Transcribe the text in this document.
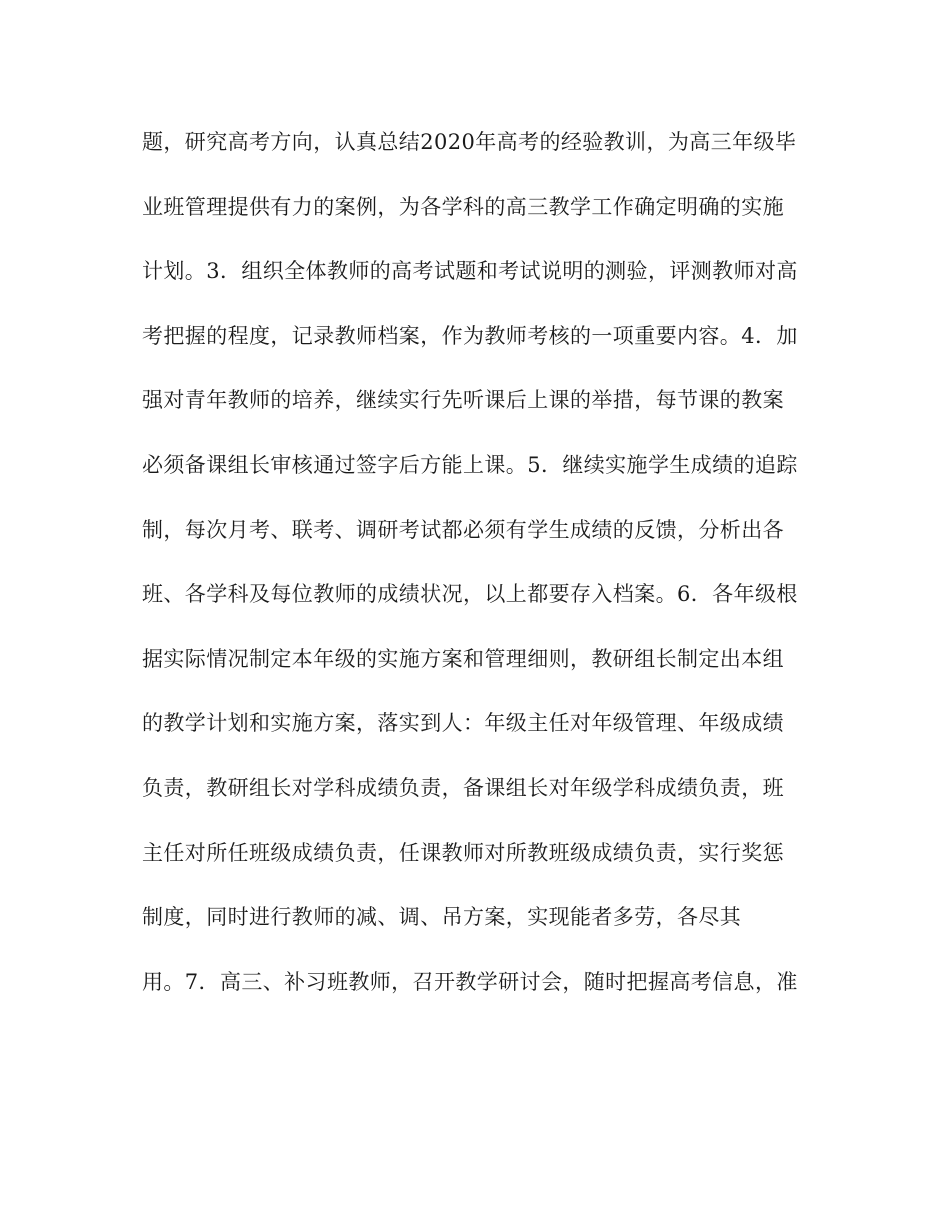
题，研究高考方向，认真总结2020年高考的经验教训，为高三年级毕
业班管理提供有力的案例，为各学科的高三教学工作确定明确的实施
计划。3．组织全体教师的高考试题和考试说明的测验，评测教师对高
考把握的程度，记录教师档案，作为教师考核的一项重要内容。4．加
强对青年教师的培养，继续实行先听课后上课的举措，每节课的教案
必须备课组长审核通过签字后方能上课。5．继续实施学生成绩的追踪
制，每次月考、联考、调研考试都必须有学生成绩的反馈，分析出各
班、各学科及每位教师的成绩状况，以上都要存入档案。6．各年级根
据实际情况制定本年级的实施方案和管理细则，教研组长制定出本组
的教学计划和实施方案，落实到人：年级主任对年级管理、年级成绩
负责，教研组长对学科成绩负责，备课组长对年级学科成绩负责，班
主任对所任班级成绩负责，任课教师对所教班级成绩负责，实行奖惩
制度，同时进行教师的减、调、吊方案，实现能者多劳，各尽其
用。7．高三、补习班教师，召开教学研讨会，随时把握高考信息，准
